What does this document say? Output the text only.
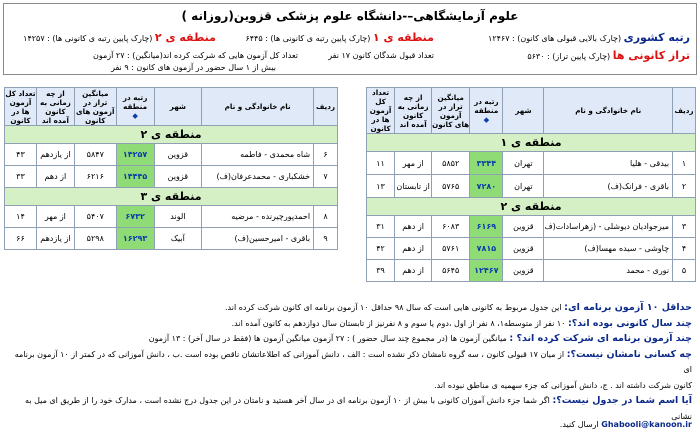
علوم آزمایشگاهی–-دانشگاه علوم پزشکی قزوین(روزانه )
رتبه کشوری (چارک بالایی قبولی های کانون) : ۱۲۴۶۷
منطقه ی ۱ (چارک پایین رتبه ی کانونی ها) : ۶۴۴۵
منطقه ی ۲ (چارک پایین رتبه ی کانونی ها) : ۱۴۲۵۷
تراز کانونی ها (چارک پایین تراز) : ۵۶۳۰
تعداد قبول شدگان کانون ۱۷ نفر
تعداد کل آزمون هایی که شرکت کرده اند(میانگین) : ۲۷ آزمون
بیش از ۱ سال حضور در آزمون های کانون : ۹ نفر
ردیف	نام خانوادگی و نام	شهر	رتبه در منطقه
◆	میانگین تراز در آزمون های کانون	از چه زمانی به کانون آمده اند	تعداد کل آزمون ها در کانون
منطقه ی ۱						
۱	بیدقی - هلیا	تهران	۳۳۴۴	۵۸۵۲	از مهر	۱۱
۲	باقری - فرانک(ف)	تهران	۷۲۸۰	۵۷۶۵	از تابستان	۱۳
منطقه ی ۲						
۳	میرجوادیان دیوشلی - (زهراسادات(ف	قزوین	۶۱۶۹	۶۰۸۳	از دهم	۳۱
۴	چاوشی - سیده مهسا(ف)	قزوین	۷۸۱۵	۵۷۶۱	از دهم	۴۲
۵	نوری - محمد	قزوین	۱۲۴۶۷	۵۶۴۵	از دهم	۳۹
ردیف	نام خانوادگی و نام	شهر	رتبه در منطقه
◆	میانگین تراز در آزمون های کانون	از چه زمانی به کانون آمده اند	تعداد کل آزمون ها در کانون
منطقه ی ۲						
۶	شاه محمدی - فاطمه	قزوین	۱۴۲۵۷	۵۸۴۷	از یازدهم	۴۳
۷	خشکباری - محمدعرفان(ف)	قزوین	۱۴۴۴۵	۶۲۱۶	از دهم	۳۳
منطقه ی ۳						
۸	احمدپورچیرنده - مرضیه	الوند	۶۷۳۲	۵۴۰۷	از مهر	۱۴
۹	باقری - امیرحسین(ف)	آبیک	۱۶۲۹۳	۵۲۹۸	از یازدهم	۶۶
حداقل ۱۰ آزمون برنامه ای: این جدول مربوط به کانونی هایی است که سال ۹۸ حداقل ۱۰ آزمون برنامه ای کانون شرکت کرده اند.
چند سال کانونی بوده اند؟: ۱۰ نفر از متوسطه۱، ۸ نفر از اول ،دوم یا سوم و ۸ نفرنیز از تابستان سال دوازدهم به کانون آمده اند.
چند آزمون برنامه ای شرکت کرده اند؟ : میانگین آزمون ها (در مجموع چند سال حضور ) : ۲۷ آزمون میانگین آزمون ها (فقط در سال آخر) : ۱۳ آزمون
چه کسانی نامشان نیست؟: از میان ۱۷ قبولی کانون ، سه گروه نامشان ذکر نشده است : الف ، دانش آموزانی که اطلاعاتشان ناقص بوده است .ب ، دانش آموزانی که در کمتر از ۱۰ آزمون برنامه ای
کانون شرکت داشته اند . ج، دانش آموزانی که جزء سهمیه ی مناطق نبوده اند.
آیا اسم شما در جدول نیست؟: اگر شما جزء دانش آموزان کانونی با بیش از ۱۰ آزمون برنامه ای در سال آخر هستید و نامتان در این جدول درج نشده است ، مدارک خود را از طریق ای میل به نشانی
Ghabooli@kanoon.ir ارسال کنید.
